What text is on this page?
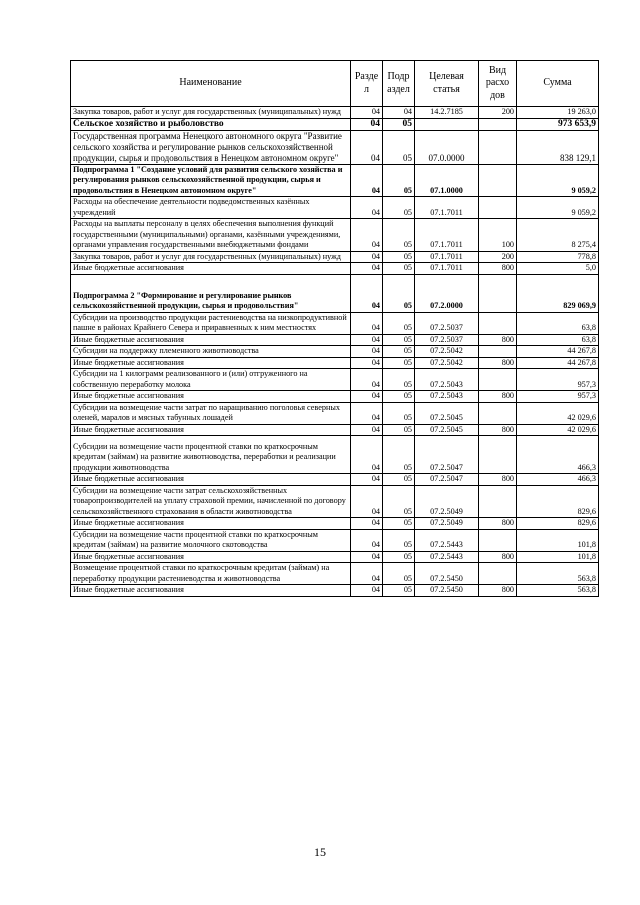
Наименование	Разде л	Подр аздел	Целевая статья	Вид расхо дов	Сумма
Закупка товаров, работ и услуг для государственных (муниципальных) нужд	04	04	14.2.7185	200	19 263,0
Сельское хозяйство и рыболовство	04	05			973 653,9
Государственная программа Ненецкого автономного округа "Развитие сельского хозяйства и регулирование рынков сельскохозяйственной продукции, сырья и продовольствия в Ненецком автономном округе"	04	05	07.0.0000		838 129,1
Подпрограмма 1 "Создание условий для развития сельского хозяйства и регулирования рынков сельскохозяйственной продукции, сырья и продовольствия в Ненецком автономном округе"	04	05	07.1.0000		9 059,2
Расходы на обеспечение деятельности подведомственных казённых учреждений	04	05	07.1.7011		9 059,2
Расходы на выплаты персоналу в целях обеспечения выполнения функций государственными (муниципальными) органами, казёнными учреждениями, органами управления государственными внебюджетными фондами	04	05	07.1.7011	100	8 275,4
Закупка товаров, работ и услуг для государственных (муниципальных) нужд	04	05	07.1.7011	200	778,8
Иные бюджетные ассигнования	04	05	07.1.7011	800	5,0
Подпрограмма 2 "Формирование и регулирование рынков сельскохозяйственной продукции, сырья и продовольствия"	04	05	07.2.0000		829 069,9
Субсидии на производство продукции растениеводства на низкопродуктивной пашне в районах Крайнего Севера и приравненных к ним местностях	04	05	07.2.5037		63,8
Иные бюджетные ассигнования	04	05	07.2.5037	800	63,8
Субсидии на поддержку племенного животноводства	04	05	07.2.5042		44 267,8
Иные бюджетные ассигнования	04	05	07.2.5042	800	44 267,8
Субсидии на 1 килограмм реализованного и (или) отгруженного на собственную переработку молока	04	05	07.2.5043		957,3
Иные бюджетные ассигнования	04	05	07.2.5043	800	957,3
Субсидии на возмещение части затрат по наращиванию поголовья северных оленей, маралов и мясных табунных лошадей	04	05	07.2.5045		42 029,6
Иные бюджетные ассигнования	04	05	07.2.5045	800	42 029,6
Субсидии на возмещение части процентной ставки по краткосрочным кредитам (займам) на развитие животноводства, переработки и реализации продукции животноводства	04	05	07.2.5047		466,3
Иные бюджетные ассигнования	04	05	07.2.5047	800	466,3
Субсидии на возмещение части затрат сельскохозяйственных товаропроизводителей на уплату страховой премии, начисленной по договору сельскохозяйственного страхования в области животноводства	04	05	07.2.5049		829,6
Иные бюджетные ассигнования	04	05	07.2.5049	800	829,6
Субсидии на возмещение части процентной ставки по краткосрочным кредитам (займам) на развитие молочного скотоводства	04	05	07.2.5443		101,8
Иные бюджетные ассигнования	04	05	07.2.5443	800	101,8
Возмещение процентной ставки по краткосрочным кредитам (займам) на переработку продукции растениеводства и животноводства	04	05	07.2.5450		563,8
Иные бюджетные ассигнования	04	05	07.2.5450	800	563,8
15
